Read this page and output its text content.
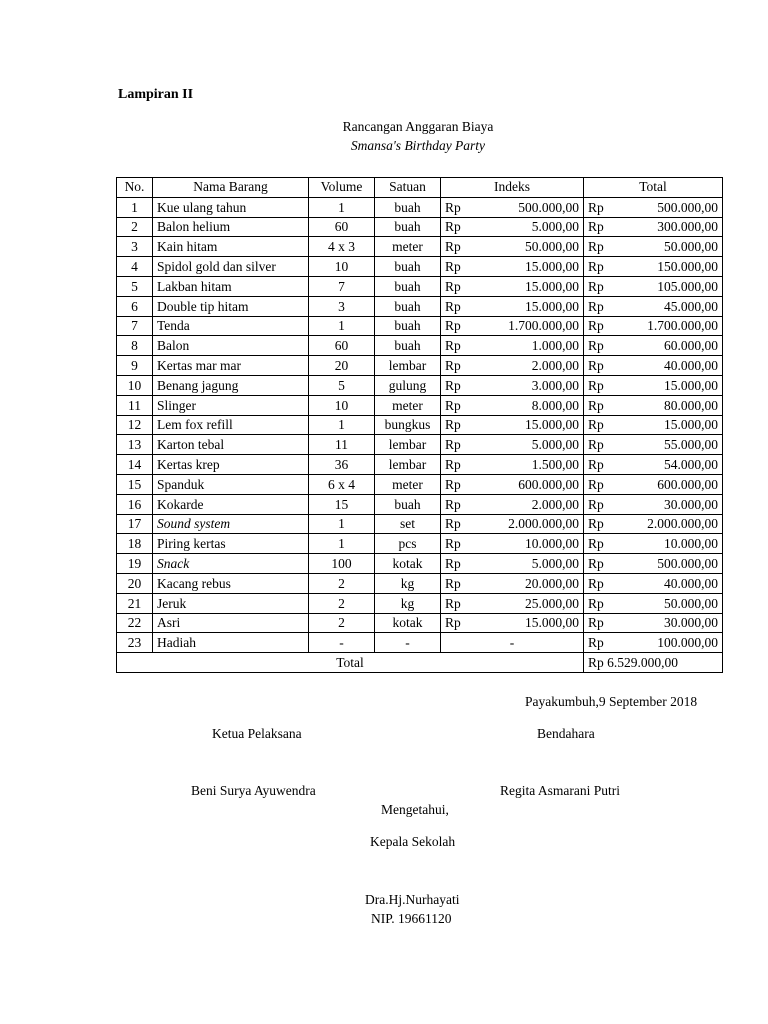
Lampiran II
Rancangan Anggaran Biaya
Smansa's Birthday Party
No.	Nama Barang	Volume	Satuan	Indeks	Total
1	Kue ulang tahun	1	buah	Rp 500.000,00	Rp 500.000,00

2	Balon helium	60	buah	Rp 5.000,00	Rp 300.000,00

3	Kain hitam	4 x 3	meter	Rp 50.000,00	Rp 50.000,00

4	Spidol gold dan silver	10	buah	Rp 15.000,00	Rp 150.000,00

5	Lakban hitam	7	buah	Rp 15.000,00	Rp 105.000,00

6	Double tip hitam	3	buah	Rp 15.000,00	Rp 45.000,00

7	Tenda	1	buah	Rp 1.700.000,00	Rp 1.700.000,00

8	Balon	60	buah	Rp 1.000,00	Rp 60.000,00

9	Kertas mar mar	20	lembar	Rp 2.000,00	Rp 40.000,00

10	Benang jagung	5	gulung	Rp 3.000,00	Rp 15.000,00

11	Slinger	10	meter	Rp 8.000,00	Rp 80.000,00

12	Lem fox refill	1	bungkus	Rp 15.000,00	Rp 15.000,00

13	Karton tebal	11	lembar	Rp 5.000,00	Rp 55.000,00

14	Kertas krep	36	lembar	Rp 1.500,00	Rp 54.000,00

15	Spanduk	6 x 4	meter	Rp 600.000,00	Rp 600.000,00

16	Kokarde	15	buah	Rp 2.000,00	Rp 30.000,00

17	Sound system	1	set	Rp 2.000.000,00	Rp 2.000.000,00

18	Piring kertas	1	pcs	Rp 10.000,00	Rp 10.000,00

19	Snack	100	kotak	Rp 5.000,00	Rp 500.000,00

20	Kacang rebus	2	kg	Rp 20.000,00	Rp 40.000,00

21	Jeruk	2	kg	Rp 25.000,00	Rp 50.000,00

22	Asri	2	kotak	Rp 15.000,00	Rp 30.000,00

23	Hadiah	-	-	-	Rp 100.000,00

Total					Rp 6.529.000,00
Payakumbuh,9 September 2018
Ketua Pelaksana	Bendahara
Beni Surya Ayuwendra	Regita Asmarani Putri
Mengetahui,
Kepala Sekolah
Dra.Hj.Nurhayati
NIP. 19661120
